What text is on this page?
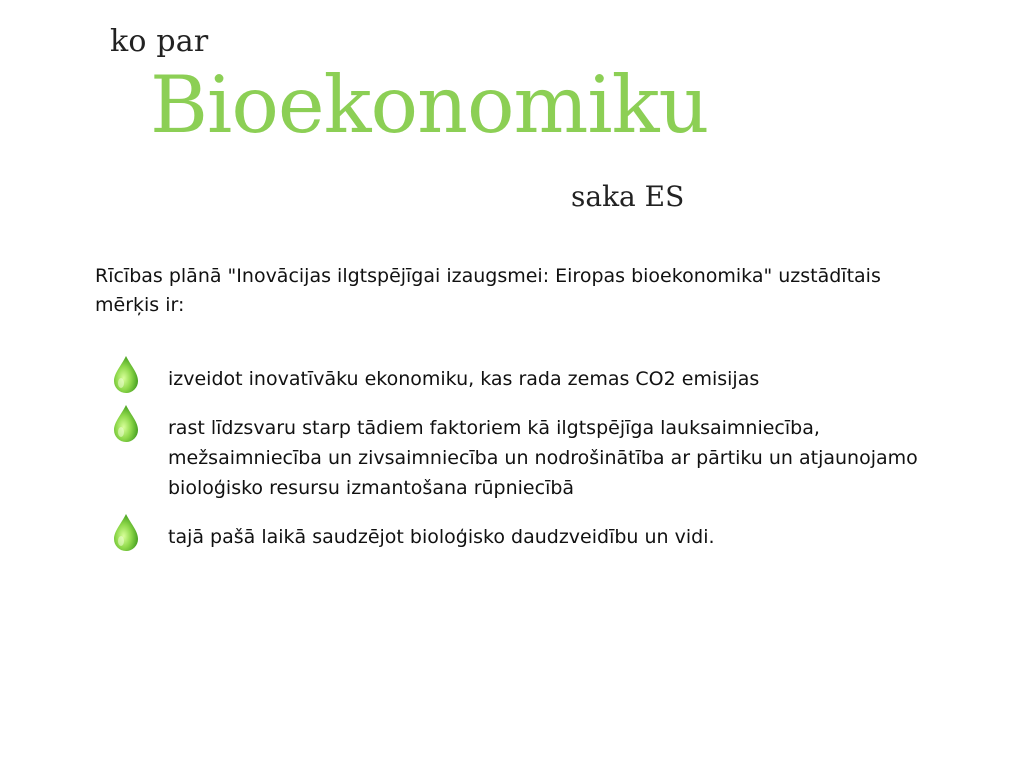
ko par
Bioekonomiku
saka ES
Rīcības plānā "Inovācijas ilgtspējīgai izaugsmei: Eiropas bioekonomika" uzstādītais mērķis ir:
izveidot inovatīvāku ekonomiku, kas rada zemas CO2 emisijas
rast līdzsvaru starp tādiem faktoriem kā ilgtspējīga lauksaimniecība, mežsaimniecība un zivsaimniecība un nodrošinātība ar pārtiku un atjaunojamo bioloģisko resursu izmantošana rūpniecībā
tajā pašā laikā saudzējot bioloģisko daudzveidību un vidi.
